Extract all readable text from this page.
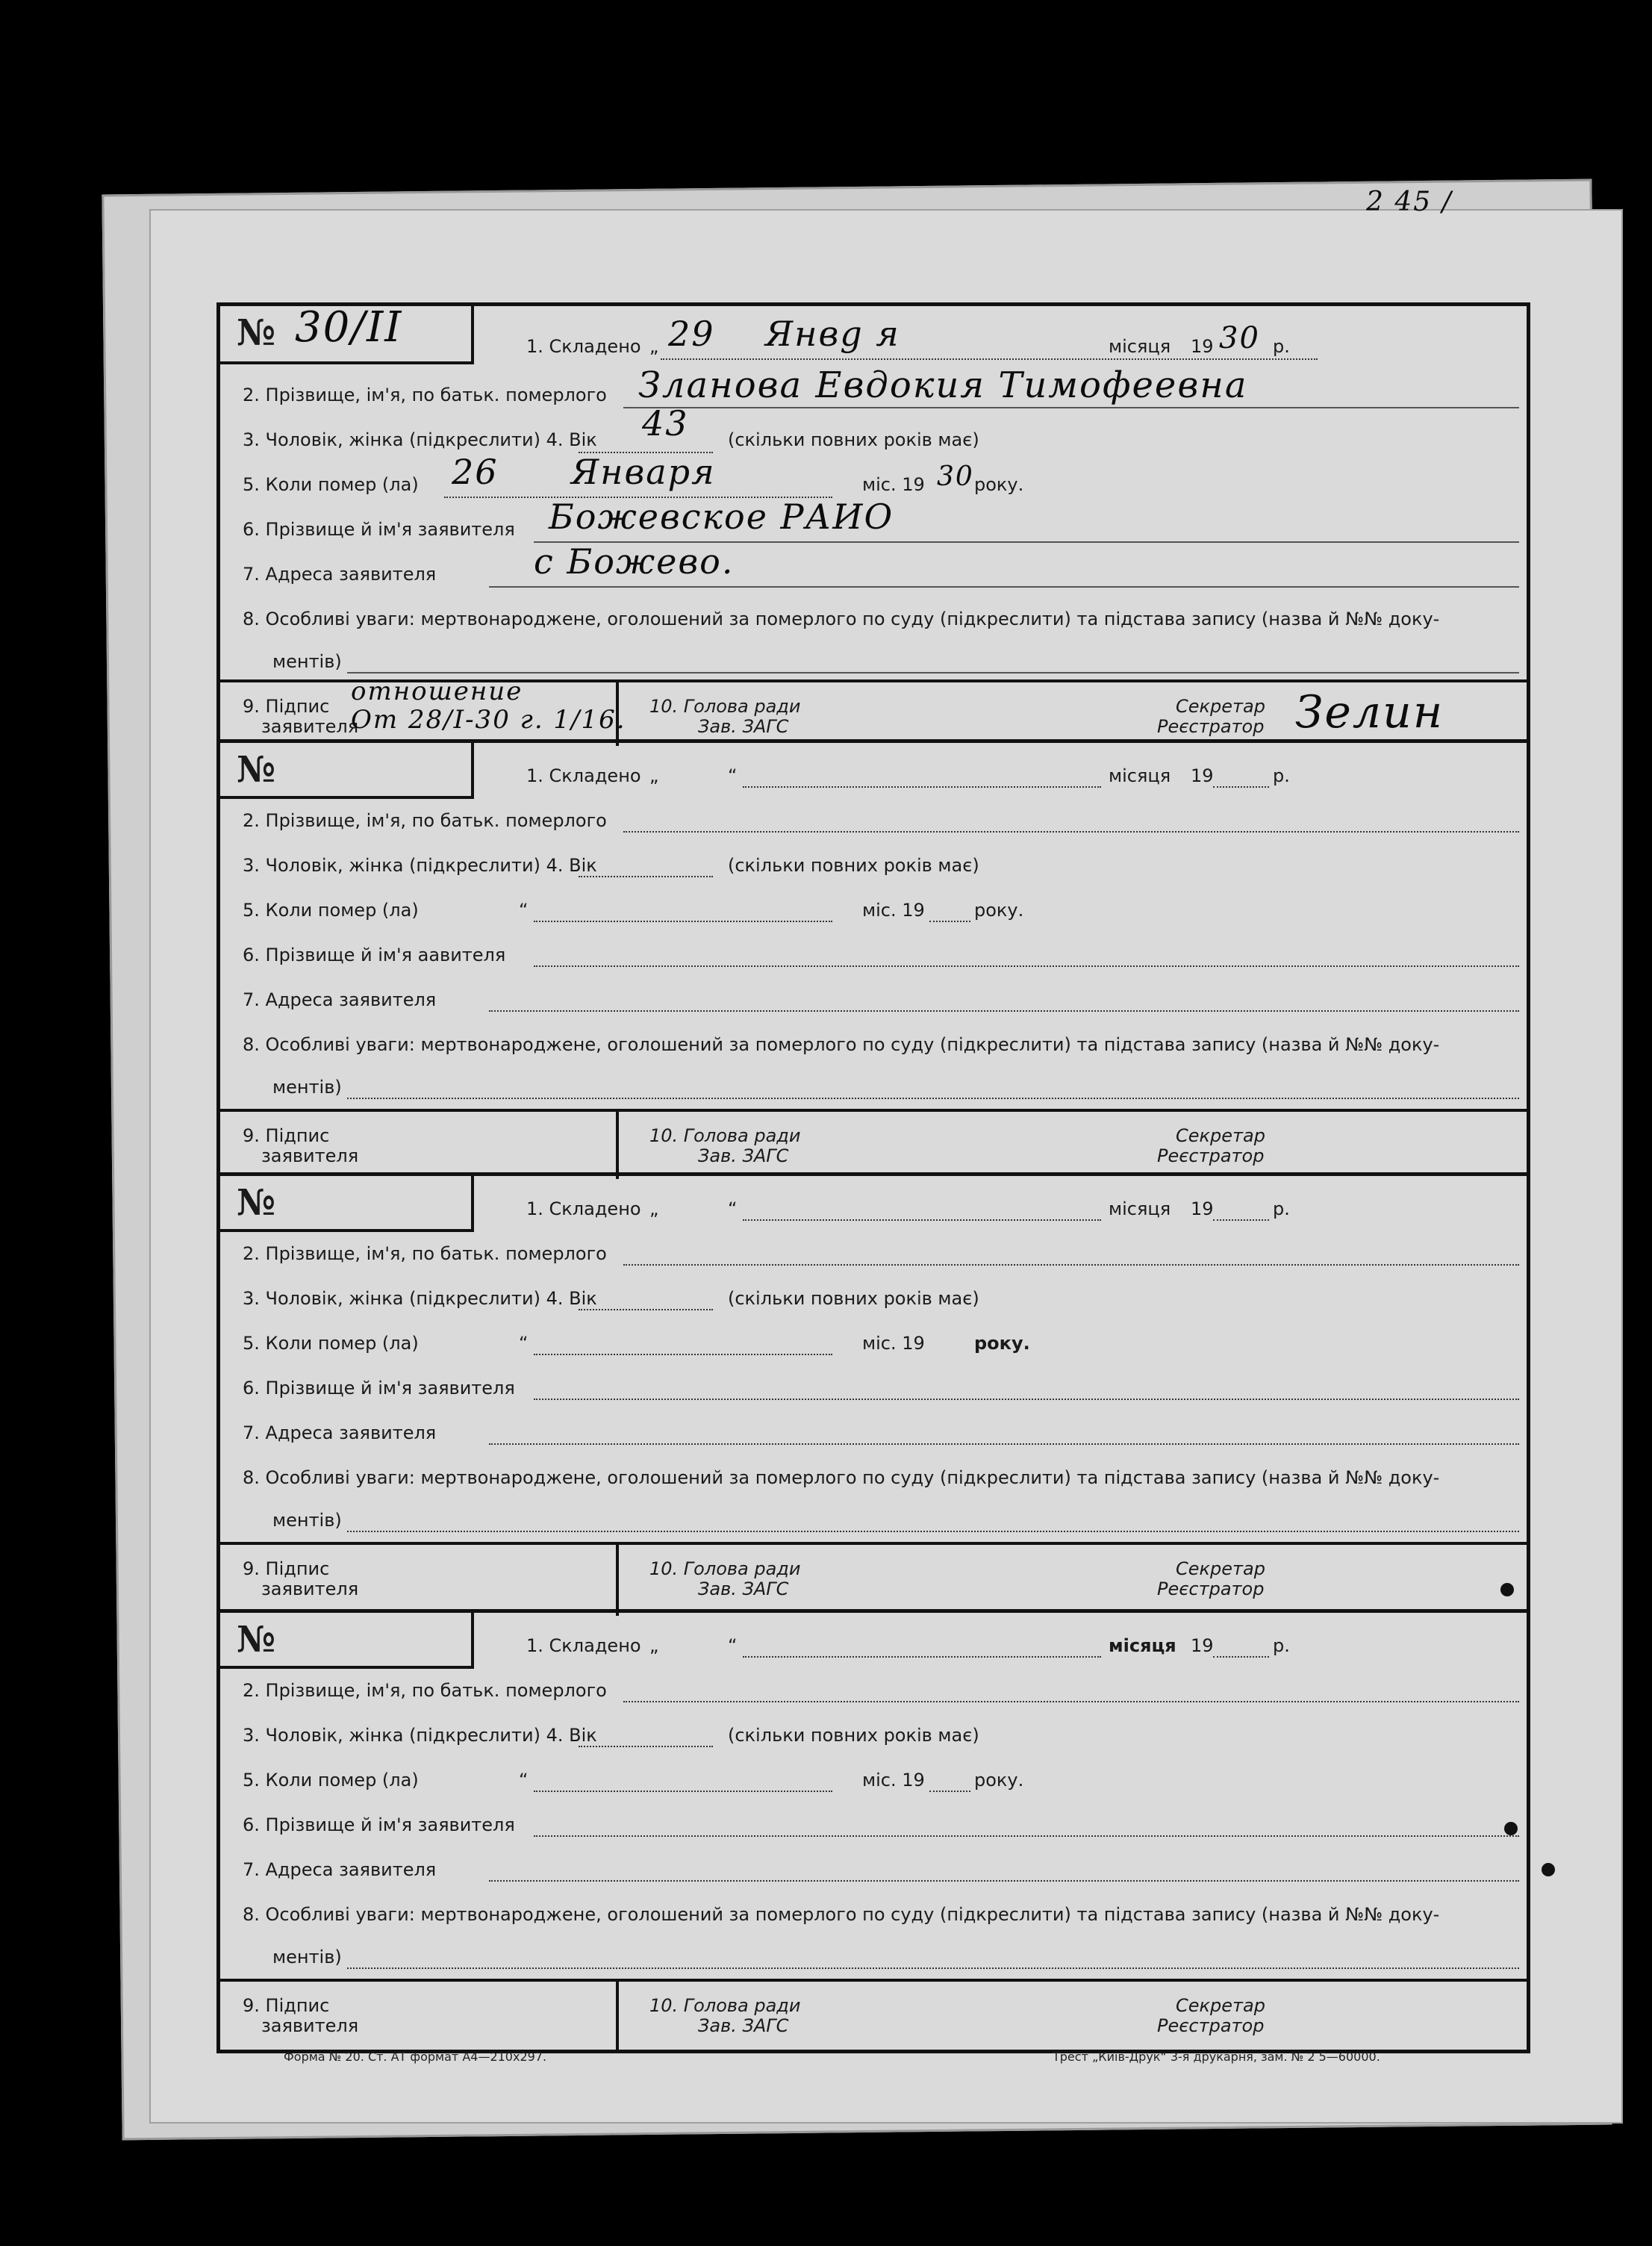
2 45 /
№ 30/II	1. Складено „ 29 Янвg я	місяця 19 30 р.
2. Прізвище, ім'я, по батьк. померлого Зланова Евдокия Тимофеевна
3. Чоловік, жінка (підкреслити) 4. Вік 43 (скільки повних років має)
5. Коли помер (ла) 26 Января	міс. 19 30 року.
6. Прізвище й ім'я заявителя Божевское РАИО
7. Адреса заявителя	с Божево.
8. Особливі уваги: мертвонароджене, оголошений за померлого по суду (підкреслити) та підстава запису (назва й №№ доку-
ментів)
9. Підпис
заявителя
отношение
От 28/I-30 г. 1/16. 10. Голова ради
Зав. ЗАГС
Секретар
Реєстратор Зелин
№	1. Складено „	“	місяця 19	р.
2. Прізвище, ім'я, по батьк. померлого
3. Чоловік, жінка (підкреслити) 4. Вік	(скільки повних років має)
5. Коли помер (ла)	“	міс. 19	року.
6. Прізвище й ім'я аавителя
7. Адреса заявителя
8. Особливі уваги: мертвонароджене, оголошений за померлого по суду (підкреслити) та підстава запису (назва й №№ доку-
ментів)
9. Підпис
заявителя
10. Голова ради
Зав. ЗАГС
Секретар
Реєстратор
№	1. Складено „	“	місяця 19	р.
2. Прізвище, ім'я, по батьк. померлого
3. Чоловік, жінка (підкреслити) 4. Вік	(скільки повних років має)
5. Коли помер (ла)	“	міс. 19	року.
6. Прізвище й ім'я заявителя
7. Адреса заявителя
8. Особливі уваги: мертвонароджене, оголошений за померлого по суду (підкреслити) та підстава запису (назва й №№ доку-
ментів)
9. Підпис
заявителя
10. Голова ради
Зав. ЗАГС
Секретар
Реєстратор
№	1. Складено „	“	місяця 19	р.
2. Прізвище, ім'я, по батьк. померлого
3. Чоловік, жінка (підкреслити) 4. Вік	(скільки повних років має)
5. Коли помер (ла)	“	міс. 19	року.
6. Прізвище й ім'я заявителя
7. Адреса заявителя
8. Особливі уваги: мертвонароджене, оголошений за померлого по суду (підкреслити) та підстава запису (назва й №№ доку-
ментів)
9. Підпис
заявителя
10. Голова ради
Зав. ЗАГС
Секретар
Реєстратор
Форма № 20. Ст. АТ формат А4—210х297.	Трест „Київ-Друк“ 3-я друкарня, зам. № 2 5—60000.
